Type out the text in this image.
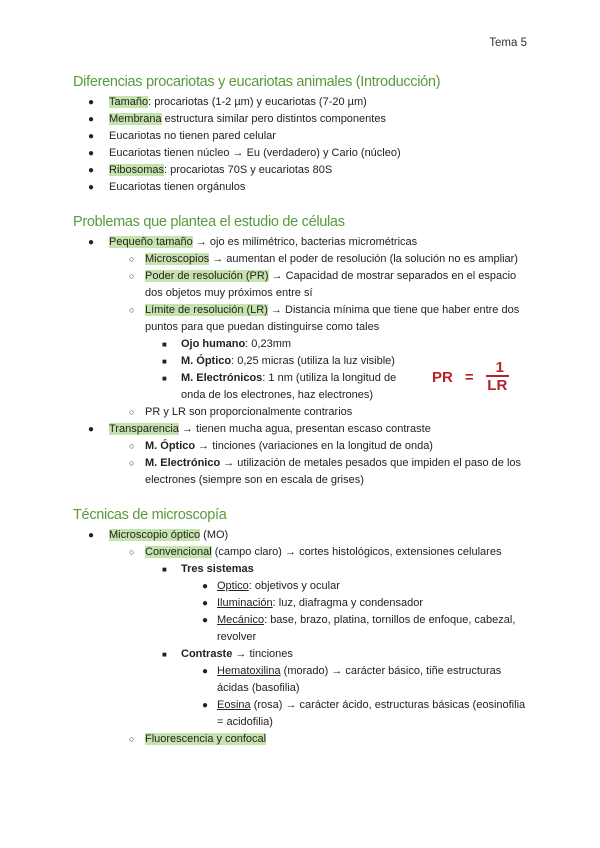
Tema 5
Diferencias procariotas y eucariotas animales (Introducción)
● Tamaño: procariotas (1-2 µm) y eucariotas (7-20 µm)
● Membrana estructura similar pero distintos componentes
● Eucariotas no tienen pared celular
● Eucariotas tienen núcleo → Eu (verdadero) y Cario (núcleo)
● Ribosomas: procariotas 70S y eucariotas 80S
● Eucariotas tienen orgánulos
Problemas que plantea el estudio de células
● Pequeño tamaño → ojo es milimétrico, bacterias micrométricas
○ Microscopios → aumentan el poder de resolución (la solución no es ampliar)
○ Poder de resolución (PR) → Capacidad de mostrar separados en el espacio dos objetos muy próximos entre sí
○ Límite de resolución (LR) → Distancia mínima que tiene que haber entre dos puntos para que puedan distinguirse como tales
■ Ojo humano: 0,23mm
■ M. Óptico: 0,25 micras (utiliza la luz visible)
■ M. Electrónicos: 1 nm (utiliza la longitud de onda de los electrones, haz electrones)
○ PR y LR son proporcionalmente contrarios
● Transparencia → tienen mucha agua, presentan escaso contraste
○ M. Óptico → tinciones (variaciones en la longitud de onda)
○ M. Electrónico → utilización de metales pesados que impiden el paso de los electrones (siempre son en escala de grises)
Técnicas de microscopía
● Microscopio óptico (MO)
○ Convencional (campo claro) → cortes histológicos, extensiones celulares
■ Tres sistemas
● Optico: objetivos y ocular
● Iluminación: luz, diafragma y condensador
● Mecánico: base, brazo, platina, tornillos de enfoque, cabezal, revolver
■ Contraste → tinciones
● Hematoxilina (morado) → carácter básico, tiñe estructuras ácidas (basofilia)
● Eosina (rosa) → carácter ácido, estructuras básicas (eosinofilia = acidofilia)
○ Fluorescencia y confocal
PR = $\frac{1}{LR}$
